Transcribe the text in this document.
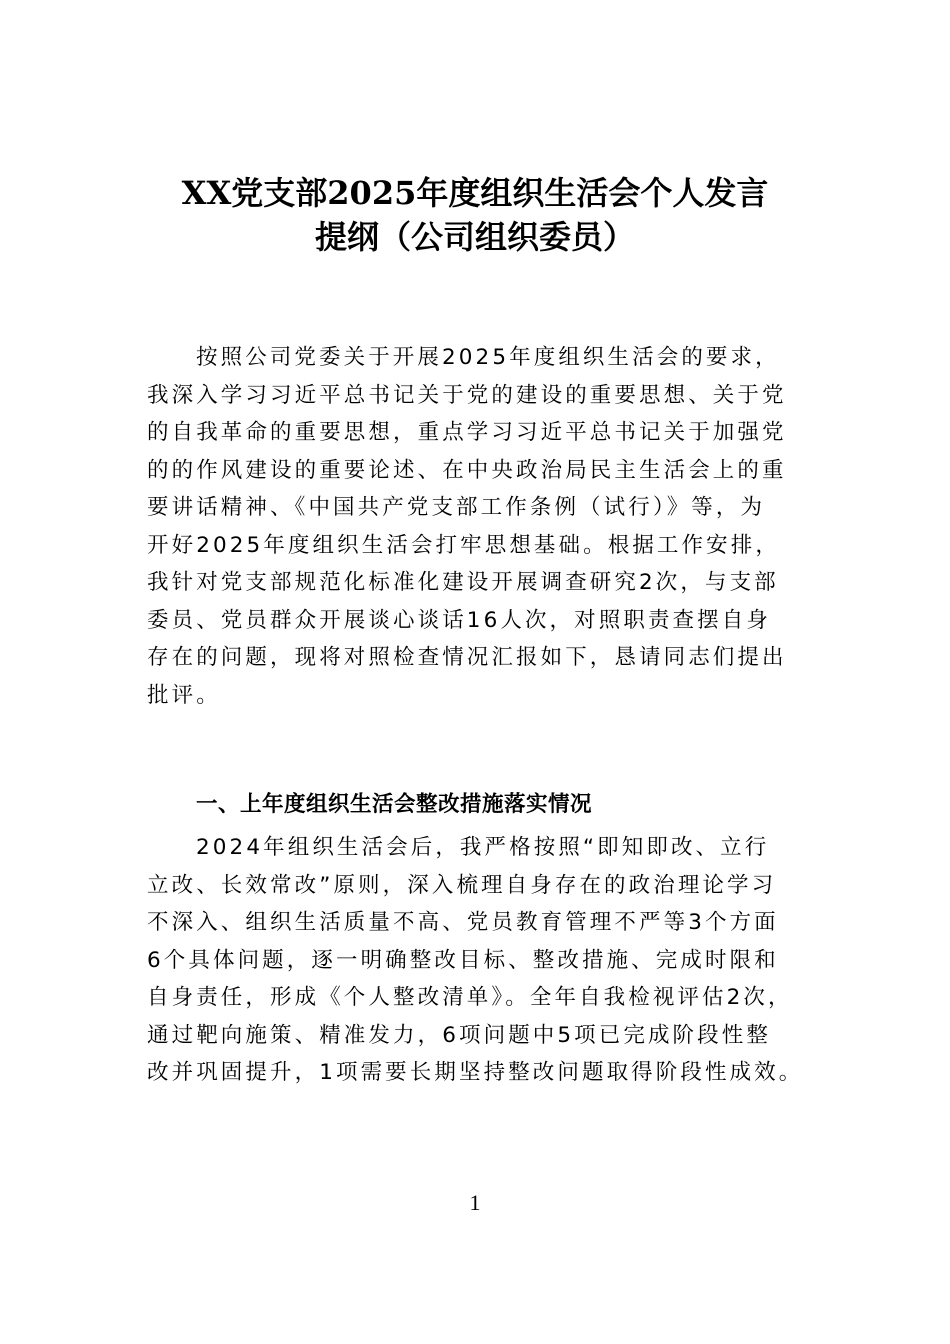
XX党支部2025年度组织生活会个人发言
提纲（公司组织委员）
按照公司党委关于开展2025年度组织生活会的要求，
我深入学习习近平总书记关于党的建设的重要思想、关于党
的自我革命的重要思想，重点学习习近平总书记关于加强党
的的作风建设的重要论述、在中央政治局民主生活会上的重
要讲话精神、《中国共产党支部工作条例（试行）》等，为
开好2025年度组织生活会打牢思想基础。根据工作安排，
我针对党支部规范化标准化建设开展调查研究2次，与支部
委员、党员群众开展谈心谈话16人次，对照职责查摆自身
存在的问题，现将对照检查情况汇报如下，恳请同志们提出
批评。
一、上年度组织生活会整改措施落实情况
2024年组织生活会后，我严格按照“即知即改、立行
立改、长效常改”原则，深入梳理自身存在的政治理论学习
不深入、组织生活质量不高、党员教育管理不严等3个方面
6个具体问题，逐一明确整改目标、整改措施、完成时限和
自身责任，形成《个人整改清单》。全年自我检视评估2次，
通过靶向施策、精准发力，6项问题中5项已完成阶段性整
改并巩固提升，1项需要长期坚持整改问题取得阶段性成效。
1
